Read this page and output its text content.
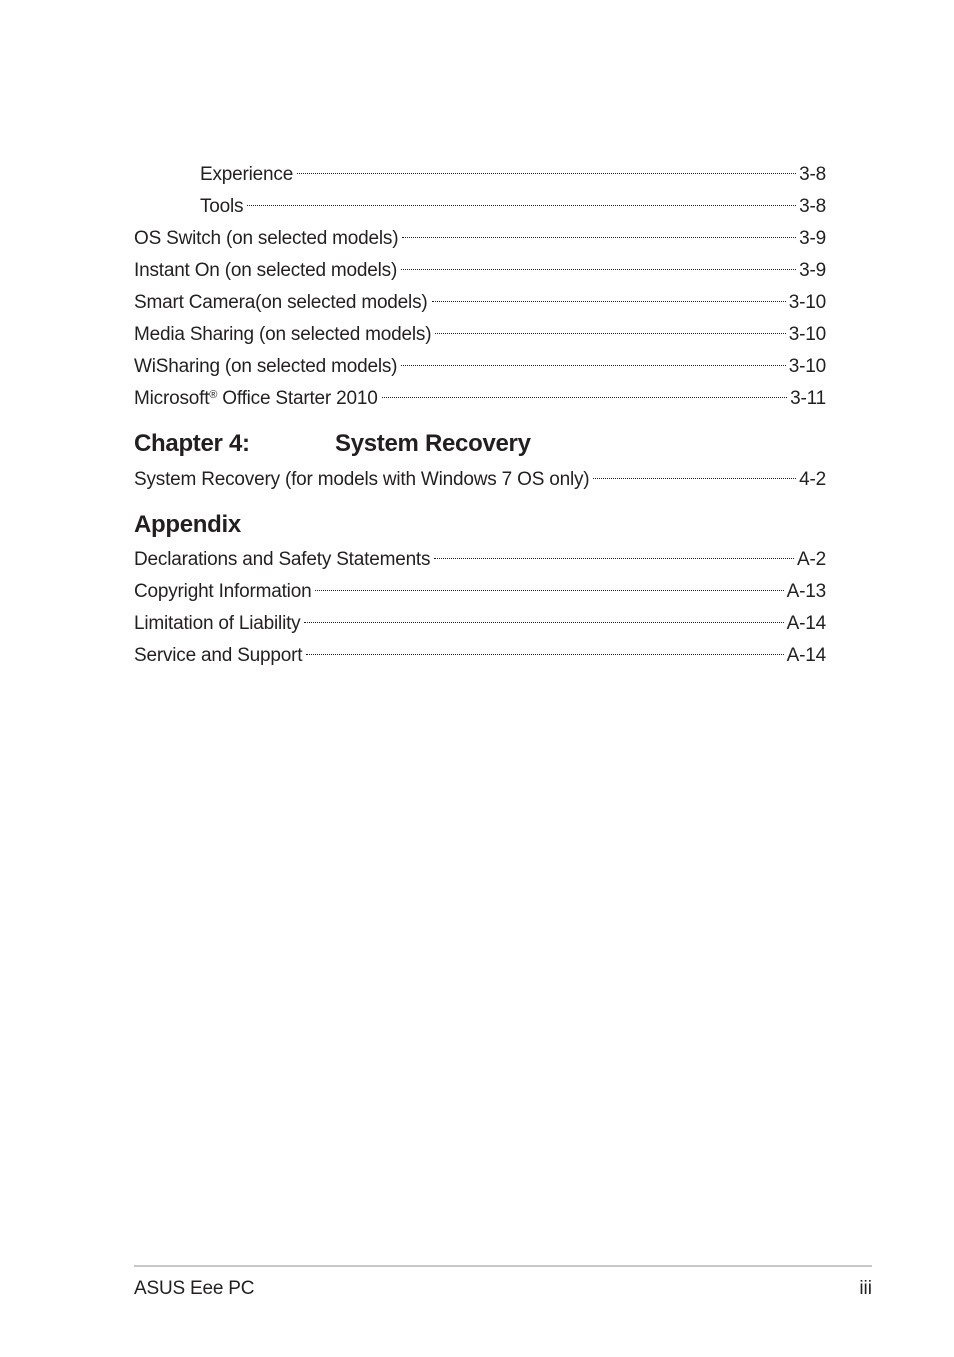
Experience	3-8
Tools	3-8
OS Switch (on selected models)	3-9
Instant On (on selected models)	3-9
Smart Camera(on selected models)	3-10
Media Sharing (on selected models)	3-10
WiSharing (on selected models)	3-10
Microsoft® Office Starter 2010	3-11
Chapter 4:	System Recovery
System Recovery (for models with Windows 7 OS only)	4-2
Appendix
Declarations and Safety Statements	A-2
Copyright Information	A-13
Limitation of Liability	A-14
Service and Support	A-14
ASUS Eee PC	iii
